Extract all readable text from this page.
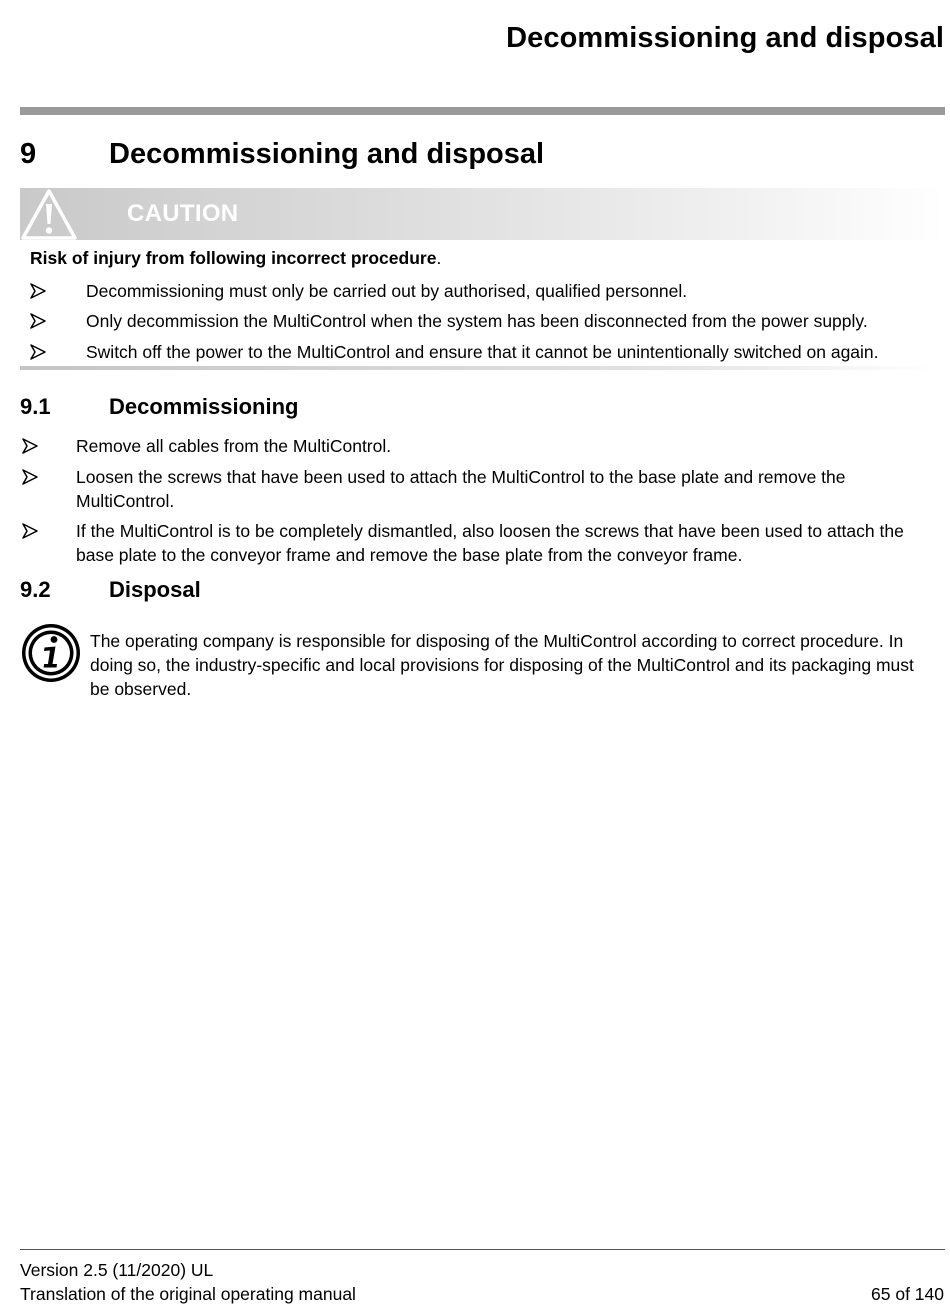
Decommissioning and disposal
9	Decommissioning and disposal
CAUTION
Risk of injury from following incorrect procedure.
Decommissioning must only be carried out by authorised, qualified personnel.
Only decommission the MultiControl when the system has been disconnected from the power supply.
Switch off the power to the MultiControl and ensure that it cannot be unintentionally switched on again.
9.1	Decommissioning
Remove all cables from the MultiControl.
Loosen the screws that have been used to attach the MultiControl to the base plate and remove the MultiControl.
If the MultiControl is to be completely dismantled, also loosen the screws that have been used to attach the base plate to the conveyor frame and remove the base plate from the conveyor frame.
9.2	Disposal
The operating company is responsible for disposing of the MultiControl according to correct procedure. In doing so, the industry-specific and local provisions for disposing of the MultiControl and its packaging must be observed.
Version 2.5 (11/2020) UL
Translation of the original operating manual	65 of 140
